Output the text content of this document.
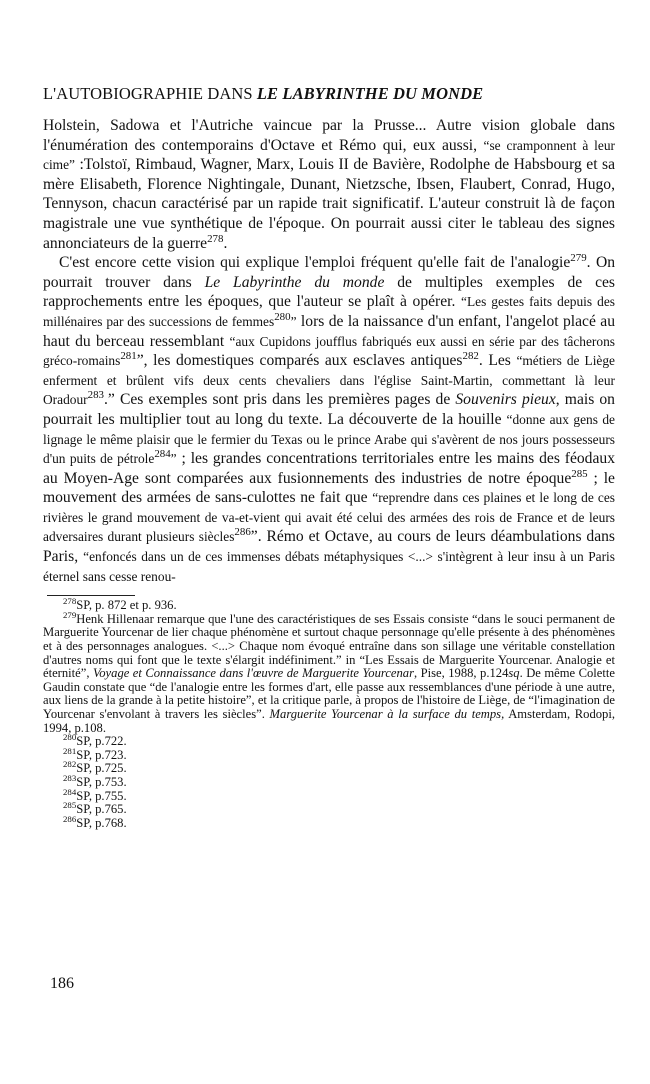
L'AUTOBIOGRAPHIE DANS LE LABYRINTHE DU MONDE

Holstein, Sadowa et l'Autriche vaincue par la Prusse... Autre vision globale dans l'énumération des contemporains d'Octave et Rémo qui, eux aussi, “se cramponnent à leur cime” :Tolstoï, Rimbaud, Wagner, Marx, Louis II de Bavière, Rodolphe de Habsbourg et sa mère Elisabeth, Florence Nightingale, Dunant, Nietzsche, Ibsen, Flaubert, Conrad, Hugo, Tennyson, chacun caractérisé par un rapide trait significatif. L'auteur construit là de façon magistrale une vue synthétique de l'époque. On pourrait aussi citer le tableau des signes annonciateurs de la guerre$^{278}$.

C'est encore cette vision qui explique l'emploi fréquent qu'elle fait de l'analogie$^{279}$. On pourrait trouver dans Le Labyrinthe du monde de multiples exemples de ces rapprochements entre les époques, que l'auteur se plaît à opérer. “Les gestes faits depuis des millénaires par des successions de femmes$^{280}$” lors de la naissance d'un enfant, l'angelot placé au haut du berceau ressemblant “aux Cupidons joufflus fabriqués eux aussi en série par des tâcherons gréco-romains$^{281}$”, les domestiques comparés aux esclaves antiques$^{282}$. Les “métiers de Liège enferment et brûlent vifs deux cents chevaliers dans l'église Saint-Martin, commettant là leur Oradour$^{283}$.” Ces exemples sont pris dans les premières pages de Souvenirs pieux, mais on pourrait les multiplier tout au long du texte. La découverte de la houille “donne aux gens de lignage le même plaisir que le fermier du Texas ou le prince Arabe qui s'avèrent de nos jours possesseurs d'un puits de pétrole$^{284}$” ; les grandes concentrations territoriales entre les mains des féodaux au Moyen-Age sont comparées aux fusionnements des industries de notre époque$^{285}$ ; le mouvement des armées de sans-culottes ne fait que “reprendre dans ces plaines et le long de ces rivières le grand mouvement de va-et-vient qui avait été celui des armées des rois de France et de leurs adversaires durant plusieurs siècles$^{286}$”. Rémo et Octave, au cours de leurs déambulations dans Paris, “enfoncés dans un de ces immenses débats métaphysiques <...> s'intègrent à leur insu à un Paris éternel sans cesse renou-

$^{278}$SP, p. 872 et p. 936.

$^{279}$Henk Hillenaar remarque que l'une des caractéristiques de ses Essais consiste “dans le souci permanent de Marguerite Yourcenar de lier chaque phénomène et surtout chaque personnage qu'elle présente à des phénomènes et à des personnages analogues. <...> Chaque nom évoqué entraîne dans son sillage une véritable constellation d'autres noms qui font que le texte s'élargit indéfiniment.” in “Les Essais de Marguerite Yourcenar. Analogie et éternité”, Voyage et Connaissance dans l'œuvre de Marguerite Yourcenar, Pise, 1988, p.124sq. De même Colette Gaudin constate que “de l'analogie entre les formes d'art, elle passe aux ressemblances d'une période à une autre, aux liens de la grande à la petite histoire”, et la critique parle, à propos de l'histoire de Liège, de “l'imagination de Yourcenar s'envolant à travers les siècles”. Marguerite Yourcenar à la surface du temps, Amsterdam, Rodopi, 1994, p.108.

$^{280}$SP, p.722.

$^{281}$SP, p.723.

$^{282}$SP, p.725.

$^{283}$SP, p.753.

$^{284}$SP, p.755.

$^{285}$SP, p.765.

$^{286}$SP, p.768.

186
